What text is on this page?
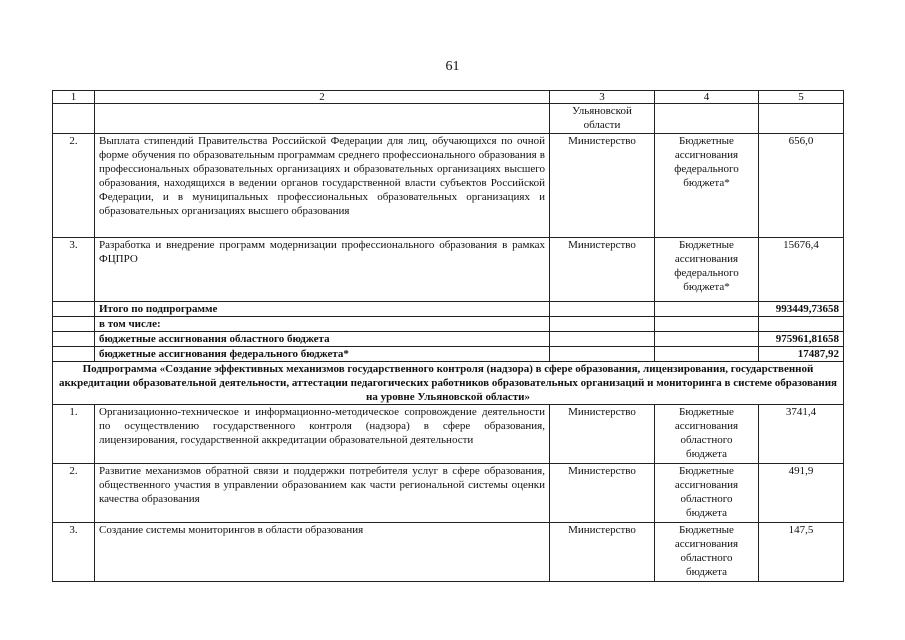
61
1	2	3	4	5
		Ульяновской области		
2.	Выплата стипендий Правительства Российской Федерации для лиц, обучающихся по очной форме обучения по образовательным программам среднего профессионального образования в профессиональных образовательных организациях и образовательных организациях высшего образования, находящихся в ведении органов государственной власти субъектов Российской Федерации, и в муниципальных профессиональных образовательных организациях и образовательных организациях высшего образования	Министерство	Бюджетные ассигнования федерального бюджета*	656,0
3.	Разработка и внедрение программ модернизации профессионального образования в рамках ФЦПРО	Министерство	Бюджетные ассигнования федерального бюджета*	15676,4
	Итого по подпрограмме			993449,73658
	в том числе:			
	бюджетные ассигнования областного бюджета			975961,81658
	бюджетные ассигнования федерального бюджета*			17487,92
Подпрограмма «Создание эффективных механизмов государственного контроля (надзора) в сфере образования, лицензирования, государственной аккредитации образовательной деятельности, аттестации педагогических работников образовательных организаций и мониторинга в системе образования на уровне Ульяновской области»				
1.	Организационно-техническое и информационно-методическое сопровождение деятельности по осуществлению государственного контроля (надзора) в сфере образования, лицензирования, государственной аккредитации образовательной деятельности	Министерство	Бюджетные ассигнования областного бюджета	3741,4
2.	Развитие механизмов обратной связи и поддержки потребителя услуг в сфере образования, общественного участия в управлении образованием как части региональной системы оценки качества образования	Министерство	Бюджетные ассигнования областного бюджета	491,9
3.	Создание системы мониторингов в области образования	Министерство	Бюджетные ассигнования областного бюджета	147,5
